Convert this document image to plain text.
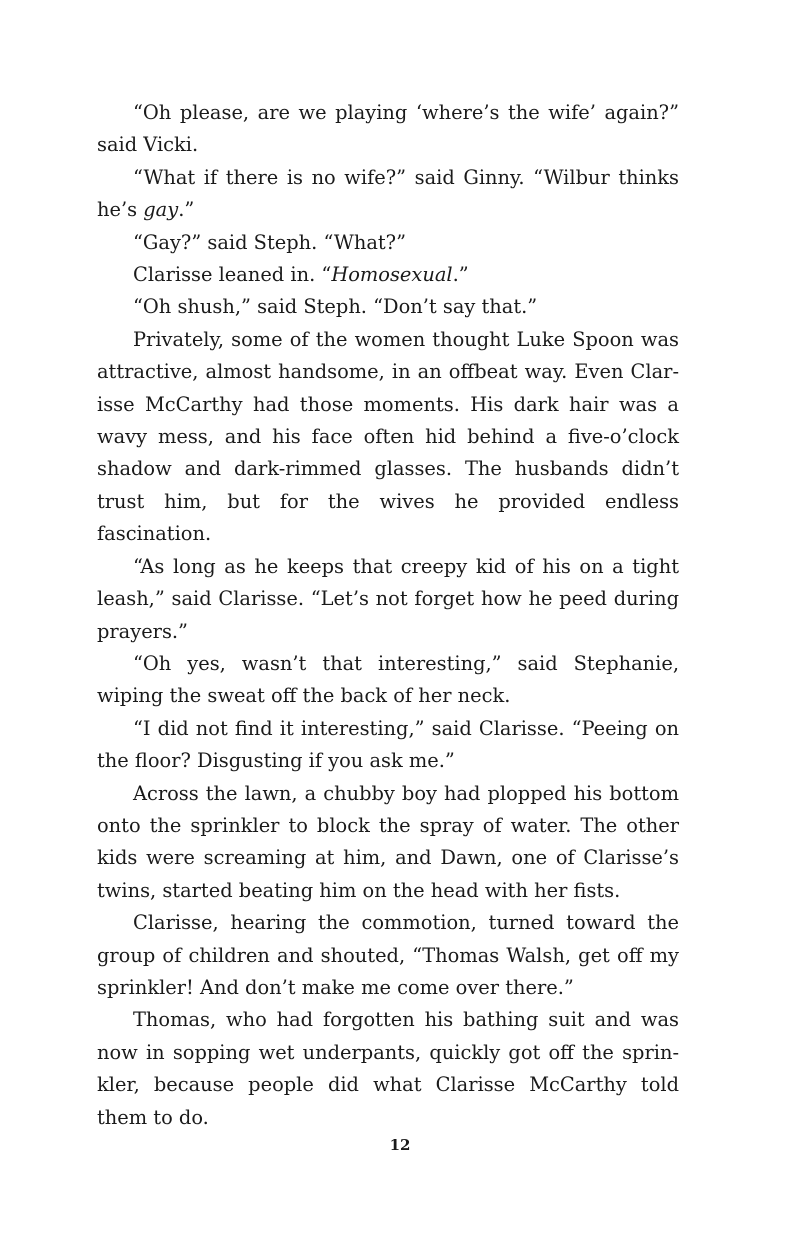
“Oh please, are we playing ‘where’s the wife’ again?” said Vicki.

“What if there is no wife?” said Ginny. “Wilbur thinks he’s gay.”

“Gay?” said Steph. “What?”

Clarisse leaned in. “Homosexual.”

“Oh shush,” said Steph. “Don’t say that.”

Privately, some of the women thought Luke Spoon was attractive, almost handsome, in an offbeat way. Even Clarisse McCarthy had those moments. His dark hair was a wavy mess, and his face often hid behind a five-o’clock shadow and dark-rimmed glasses. The husbands didn’t trust him, but for the wives he provided endless fascination.

“As long as he keeps that creepy kid of his on a tight leash,” said Clarisse. “Let’s not forget how he peed during prayers.”

“Oh yes, wasn’t that interesting,” said Stephanie, wiping the sweat off the back of her neck.

“I did not find it interesting,” said Clarisse. “Peeing on the floor? Disgusting if you ask me.”

Across the lawn, a chubby boy had plopped his bottom onto the sprinkler to block the spray of water. The other kids were screaming at him, and Dawn, one of Clarisse’s twins, started beating him on the head with her fists.

Clarisse, hearing the commotion, turned toward the group of children and shouted, “Thomas Walsh, get off my sprinkler! And don’t make me come over there.”

Thomas, who had forgotten his bathing suit and was now in sopping wet underpants, quickly got off the sprinkler, because people did what Clarisse McCarthy told them to do.

12
